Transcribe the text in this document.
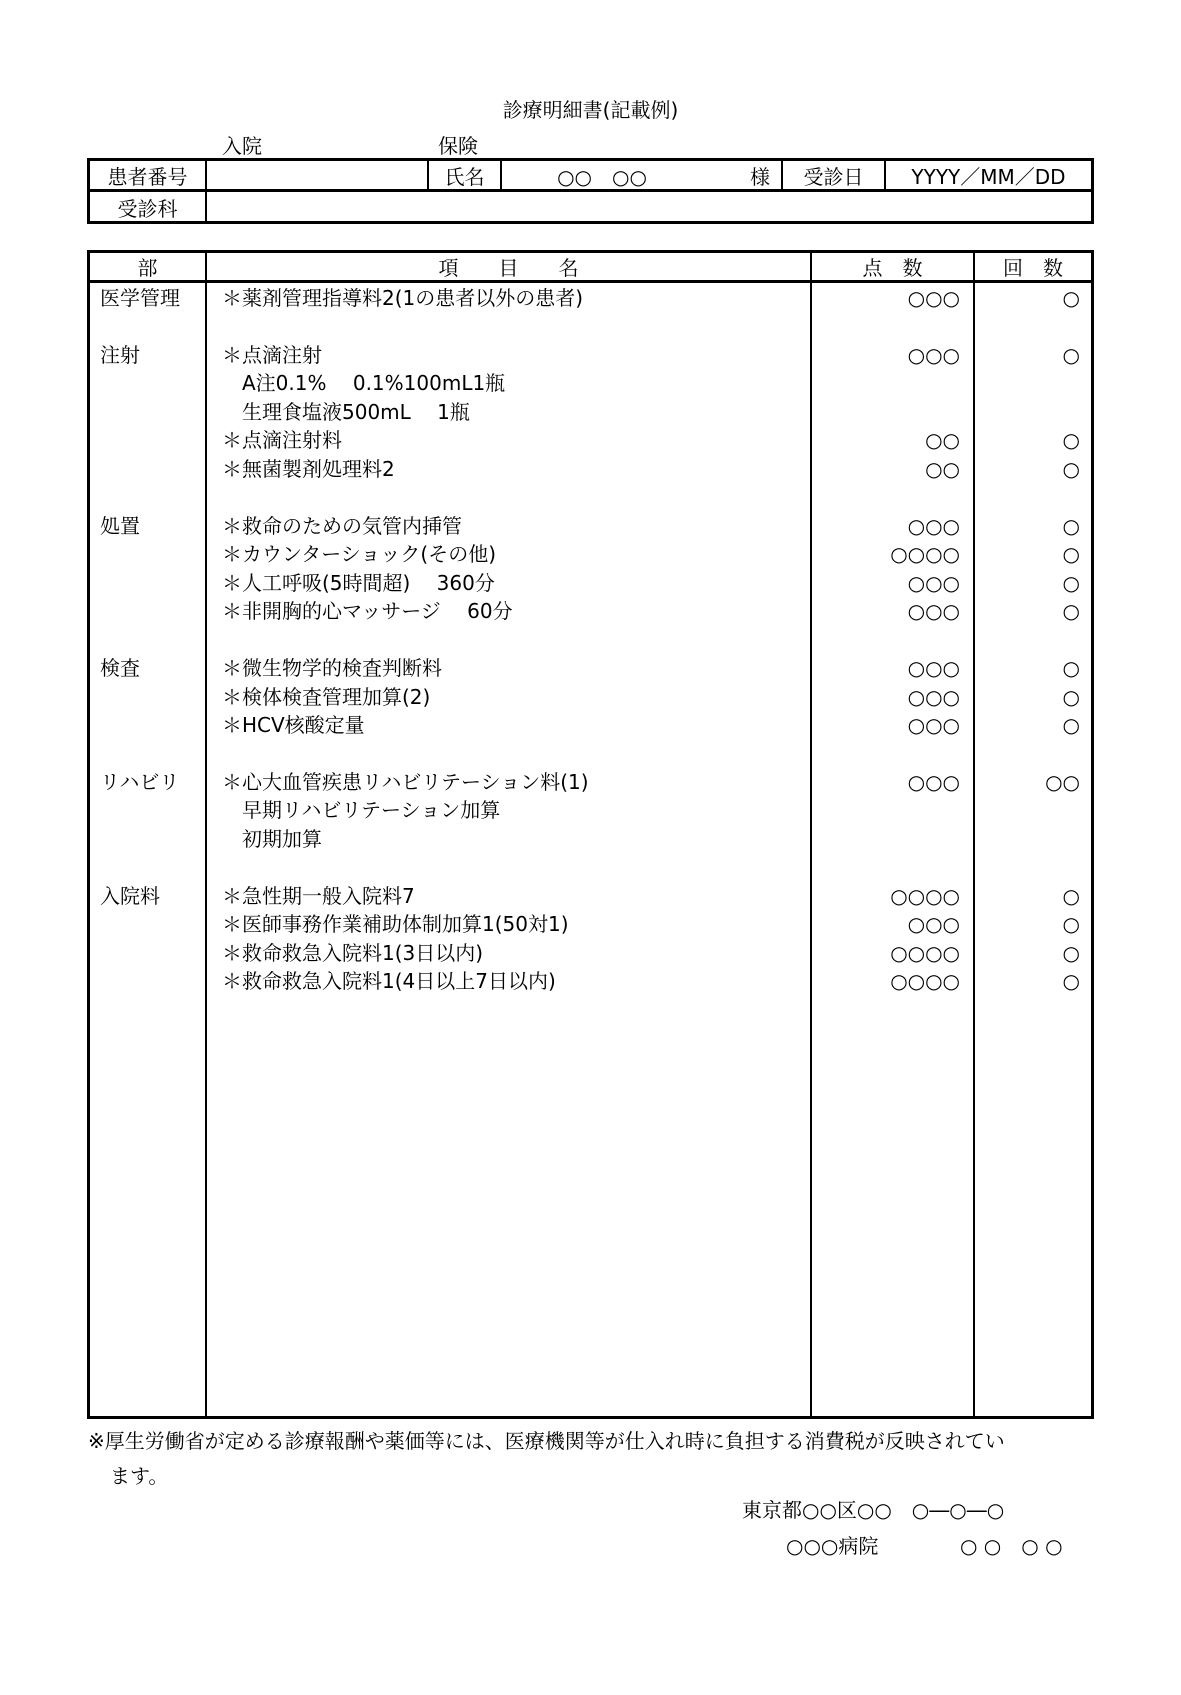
診療明細書(記載例)
入院	保険
患者番号	氏名	○○　○○	様	受診日	YYYY／MM／DD
受診科
部	項　　目　　名	点　数	回　数
医学管理 ＊薬剤管理指導料2(1の患者以外の患者)	○○○	○
注射	＊点滴注射	○○○	○
A注0.1%　 0.1%100mL1瓶
生理食塩液500mL　 1瓶
＊点滴注射料	○○	○
＊無菌製剤処理料2	○○	○
処置	＊救命のための気管内挿管	○○○	○
＊カウンターショック(その他)	○○○○	○
＊人工呼吸(5時間超)　 360分	○○○	○
＊非開胸的心マッサージ　 60分	○○○	○
検査	＊微生物学的検査判断料	○○○	○
＊検体検査管理加算(2)	○○○	○
＊HCV核酸定量	○○○	○
リハビリ ＊心大血管疾患リハビリテーション料(1)	○○○	○○
早期リハビリテーション加算
初期加算
入院料	＊急性期一般入院料7	○○○○	○
＊医師事務作業補助体制加算1(50対1)	○○○	○
＊救命救急入院料1(3日以内)	○○○○	○
＊救命救急入院料1(4日以上7日以内)	○○○○	○
※厚生労働省が定める診療報酬や薬価等には、医療機関等が仕入れ時に負担する消費税が反映されてい
ます。
東京都○○区○○　○―○―○
○○○病院	○ ○　○ ○
